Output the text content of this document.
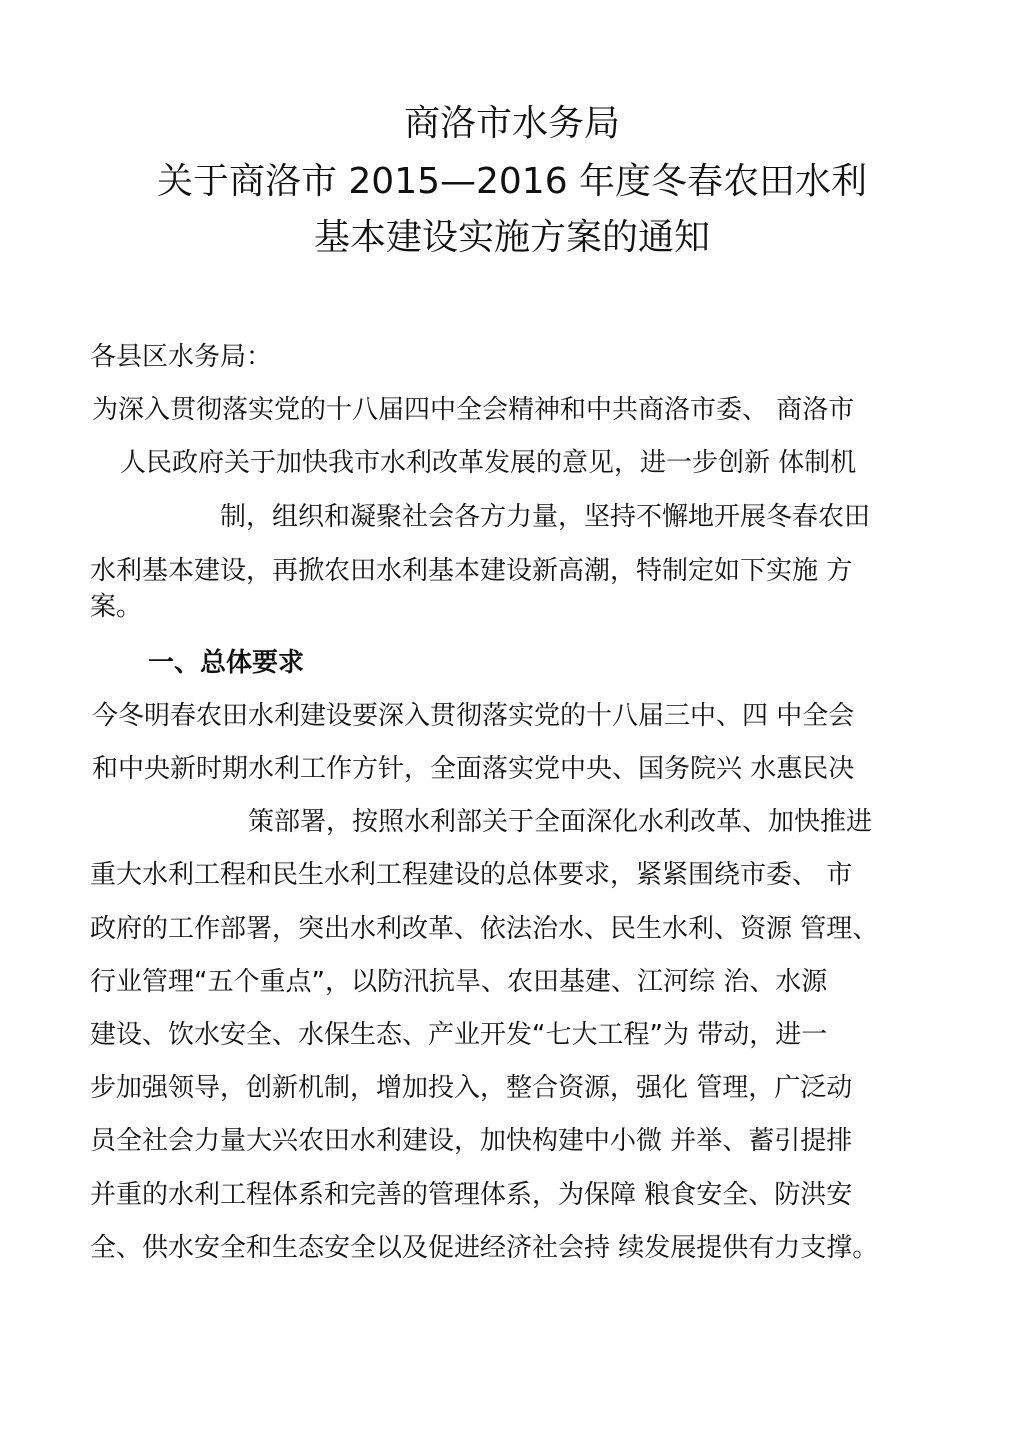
商洛市水务局
关于商洛市 2015—2016 年度冬春农田水利
基本建设实施方案的通知

各县区水务局：

为深入贯彻落实党的十八届四中全会精神和中共商洛市委、 商洛市

人民政府关于加快我市水利改革发展的意见，进一步创新 体制机

制，组织和凝聚社会各方力量，坚持不懈地开展冬春农田

水利基本建设，再掀农田水利基本建设新高潮，特制定如下实施 方

案。

一、总体要求

今冬明春农田水利建设要深入贯彻落实党的十八届三中、四 中全会

和中央新时期水利工作方针，全面落实党中央、国务院兴 水惠民决

策部署，按照水利部关于全面深化水利改革、加快推进

重大水利工程和民生水利工程建设的总体要求，紧紧围绕市委、 市

政府的工作部署，突出水利改革、依法治水、民生水利、资源 管理、

行业管理“五个重点”，以防汛抗旱、农田基建、江河综 治、水源

建设、饮水安全、水保生态、产业开发“七大工程”为 带动，进一

步加强领导，创新机制，增加投入，整合资源，强化 管理，广泛动

员全社会力量大兴农田水利建设，加快构建中小微 并举、蓄引提排

并重的水利工程体系和完善的管理体系，为保障 粮食安全、防洪安

全、供水安全和生态安全以及促进经济社会持 续发展提供有力支撑。
